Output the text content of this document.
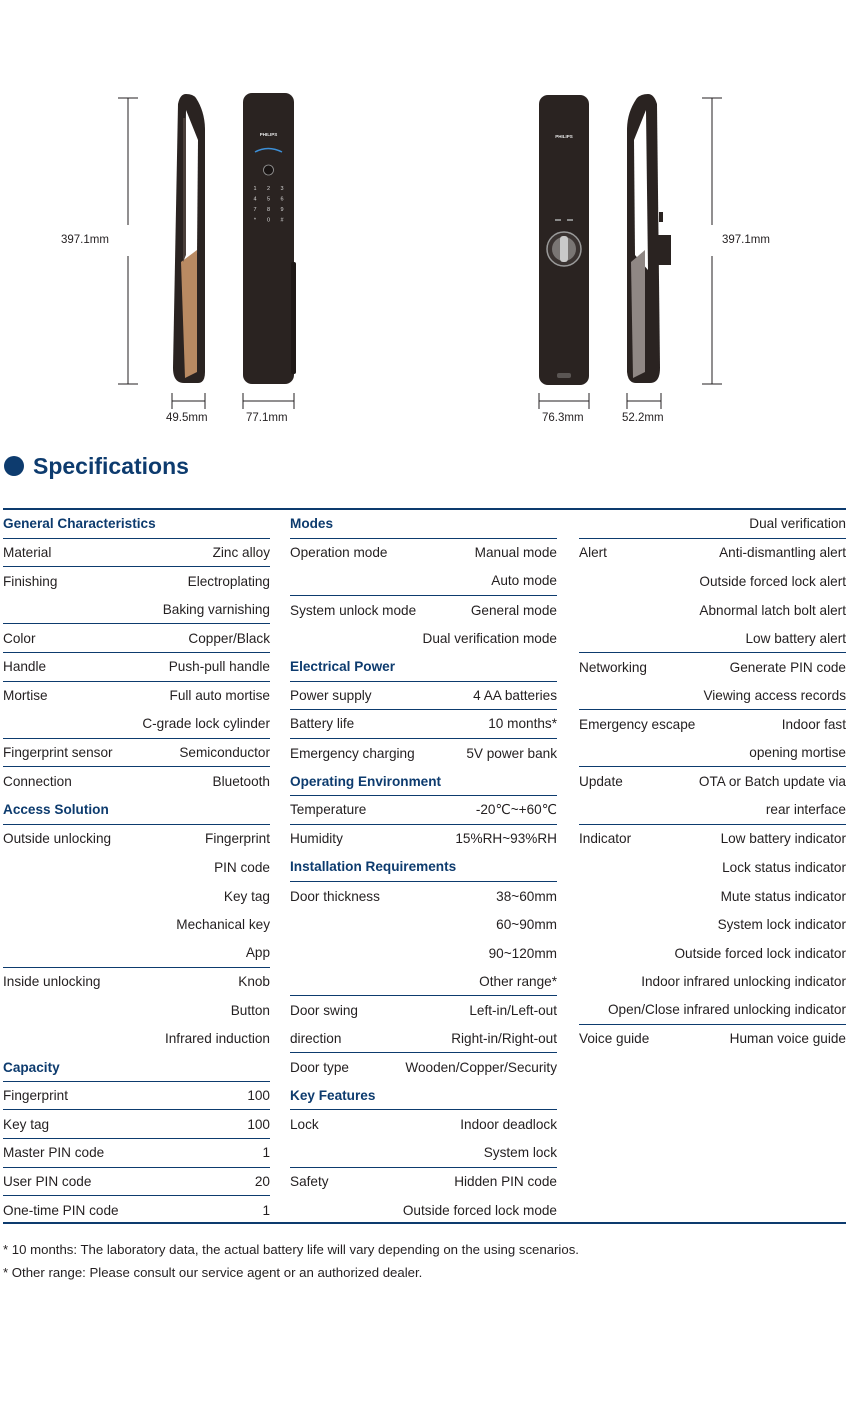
PHILIPS
1 2 3
4 5 6
7 8 9
* 0 #
PHILIPS
397.1mm
49.5mm	77.1mm	76.3mm	52.2mm
397.1mm
Specifications
General Characteristics
Material	Zinc alloy
Finishing	Electroplating
Baking varnishing
Color	Copper/Black
Handle	Push-pull handle
Mortise	Full auto mortise
C-grade lock cylinder
Fingerprint sensor	Semiconductor
Connection	Bluetooth
Access Solution
Outside unlocking	Fingerprint
PIN code
Key tag
Mechanical key
App
Inside unlocking	Knob
Button
Infrared induction
Capacity
Fingerprint	100
Key tag	100
Master PIN code	1
User PIN code	20
One-time PIN code	1
Modes
Operation mode	Manual mode
Auto mode
System unlock mode	General mode
Dual verification mode
Electrical Power
Power supply	4 AA batteries
Battery life	10 months*
Emergency charging	5V power bank
Operating Environment
Temperature	-20℃~+60℃
Humidity	15%RH~93%RH
Installation Requirements
Door thickness	38~60mm
60~90mm
90~120mm
Other range*
Door swing	Left-in/Left-out
direction	Right-in/Right-out
Door type	Wooden/Copper/Security
Key Features
Lock	Indoor deadlock
System lock
Safety	Hidden PIN code
Outside forced lock mode
Dual verification
Alert	Anti-dismantling alert
Outside forced lock alert
Abnormal latch bolt alert
Low battery alert
Networking	Generate PIN code
Viewing access records
Emergency escape	Indoor fast
opening mortise
Update	OTA or Batch update via
rear interface
Indicator	Low battery indicator
Lock status indicator
Mute status indicator
System lock indicator
Outside forced lock indicator
Indoor infrared unlocking indicator
Open/Close infrared unlocking indicator
Voice guide	Human voice guide
* 10 months: The laboratory data, the actual battery life will vary depending on the using scenarios.
* Other range: Please consult our service agent or an authorized dealer.
